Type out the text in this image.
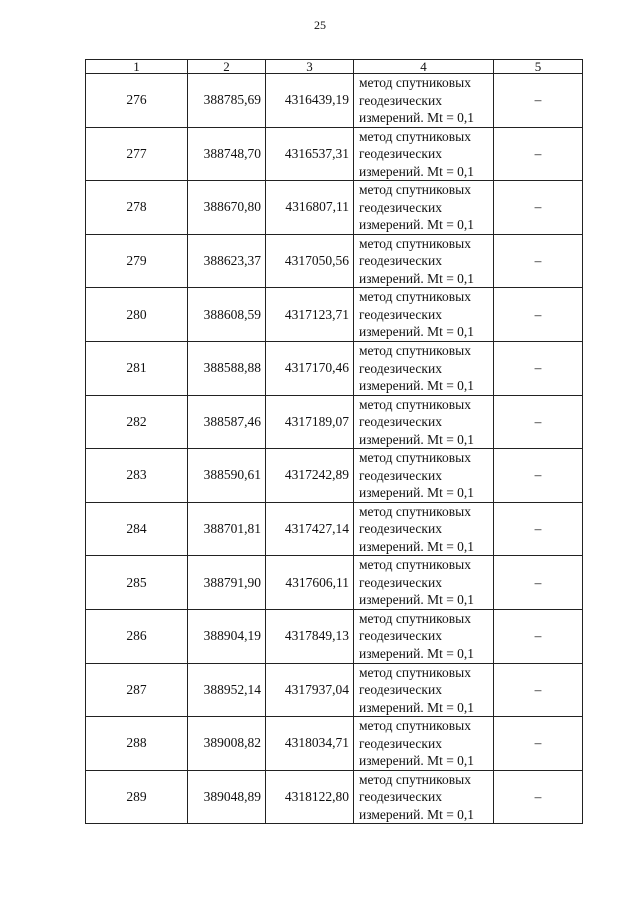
25
1	2	3	4	5
276	388785,69	4316439,19	метод спутниковых
геодезических
измерений. Mt = 0,1	–
277	388748,70	4316537,31	метод спутниковых
геодезических
измерений. Mt = 0,1	–
278	388670,80	4316807,11	метод спутниковых
геодезических
измерений. Mt = 0,1	–
279	388623,37	4317050,56	метод спутниковых
геодезических
измерений. Mt = 0,1	–
280	388608,59	4317123,71	метод спутниковых
геодезических
измерений. Mt = 0,1	–
281	388588,88	4317170,46	метод спутниковых
геодезических
измерений. Mt = 0,1	–
282	388587,46	4317189,07	метод спутниковых
геодезических
измерений. Mt = 0,1	–
283	388590,61	4317242,89	метод спутниковых
геодезических
измерений. Mt = 0,1	–
284	388701,81	4317427,14	метод спутниковых
геодезических
измерений. Mt = 0,1	–
285	388791,90	4317606,11	метод спутниковых
геодезических
измерений. Mt = 0,1	–
286	388904,19	4317849,13	метод спутниковых
геодезических
измерений. Mt = 0,1	–
287	388952,14	4317937,04	метод спутниковых
геодезических
измерений. Mt = 0,1	–
288	389008,82	4318034,71	метод спутниковых
геодезических
измерений. Mt = 0,1	–
289	389048,89	4318122,80	метод спутниковых
геодезических
измерений. Mt = 0,1	–
